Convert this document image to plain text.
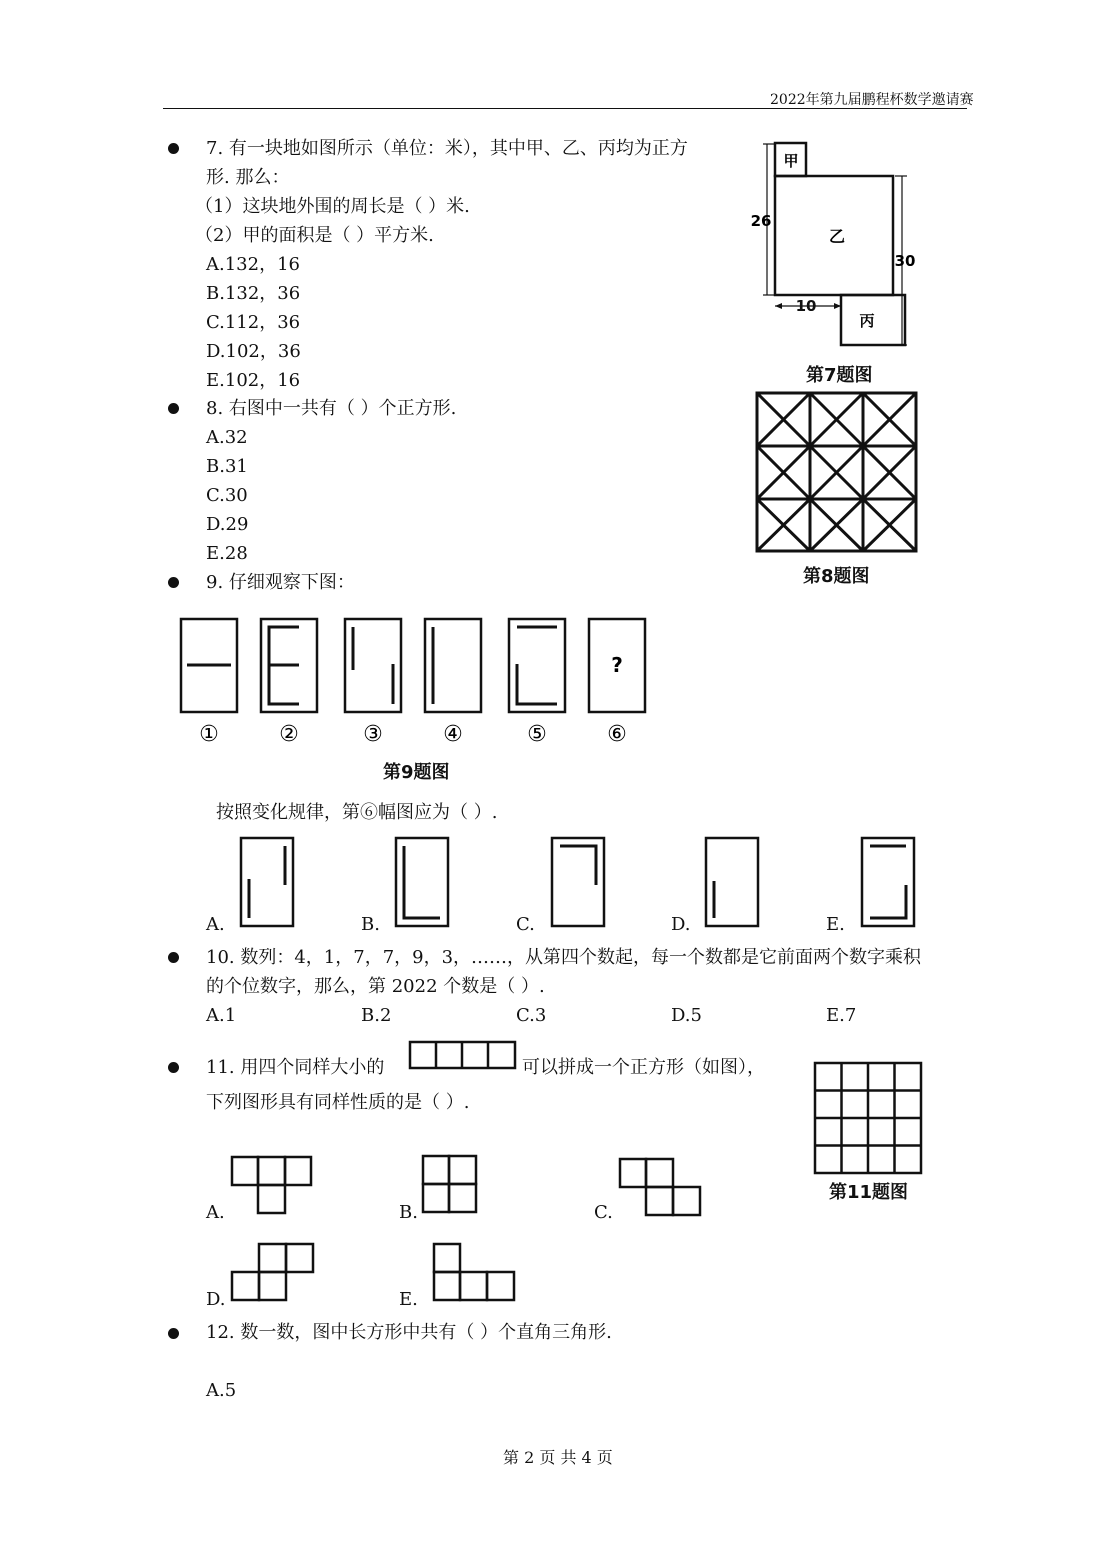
2022年第九届鹏程杯数学邀请赛
7. 有一块地如图所示（单位：米），其中甲、乙、丙均为正方
形. 那么：
（1）这块地外围的周长是（ ）米.
（2）甲的面积是（ ）平方米.
A.132，16
B.132，36
C.112，36
D.102，36
E.102，16
甲
乙
丙
26
30
10
第7题图
8. 右图中一共有（ ）个正方形.
A.32
B.31
C.30
D.29
E.28
第8题图
9. 仔细观察下图：
?
①	②	③	④	⑤	⑥
第9题图
按照变化规律，第⑥幅图应为（ ）.
A.	B.	C.	D.	E.
10. 数列：4，1，7，7，9，3，……，从第四个数起，每一个数都是它前面两个数字乘积
的个位数字，那么，第 2022 个数是（ ）.
A.1	B.2	C.3	D.5	E.7
11. 用四个同样大小的	可以拼成一个正方形（如图），
下列图形具有同样性质的是（ ）.
第11题图
A.	B.	C.
D.	E.
12. 数一数，图中长方形中共有（ ）个直角三角形.
A.5
第 2 页 共 4 页
